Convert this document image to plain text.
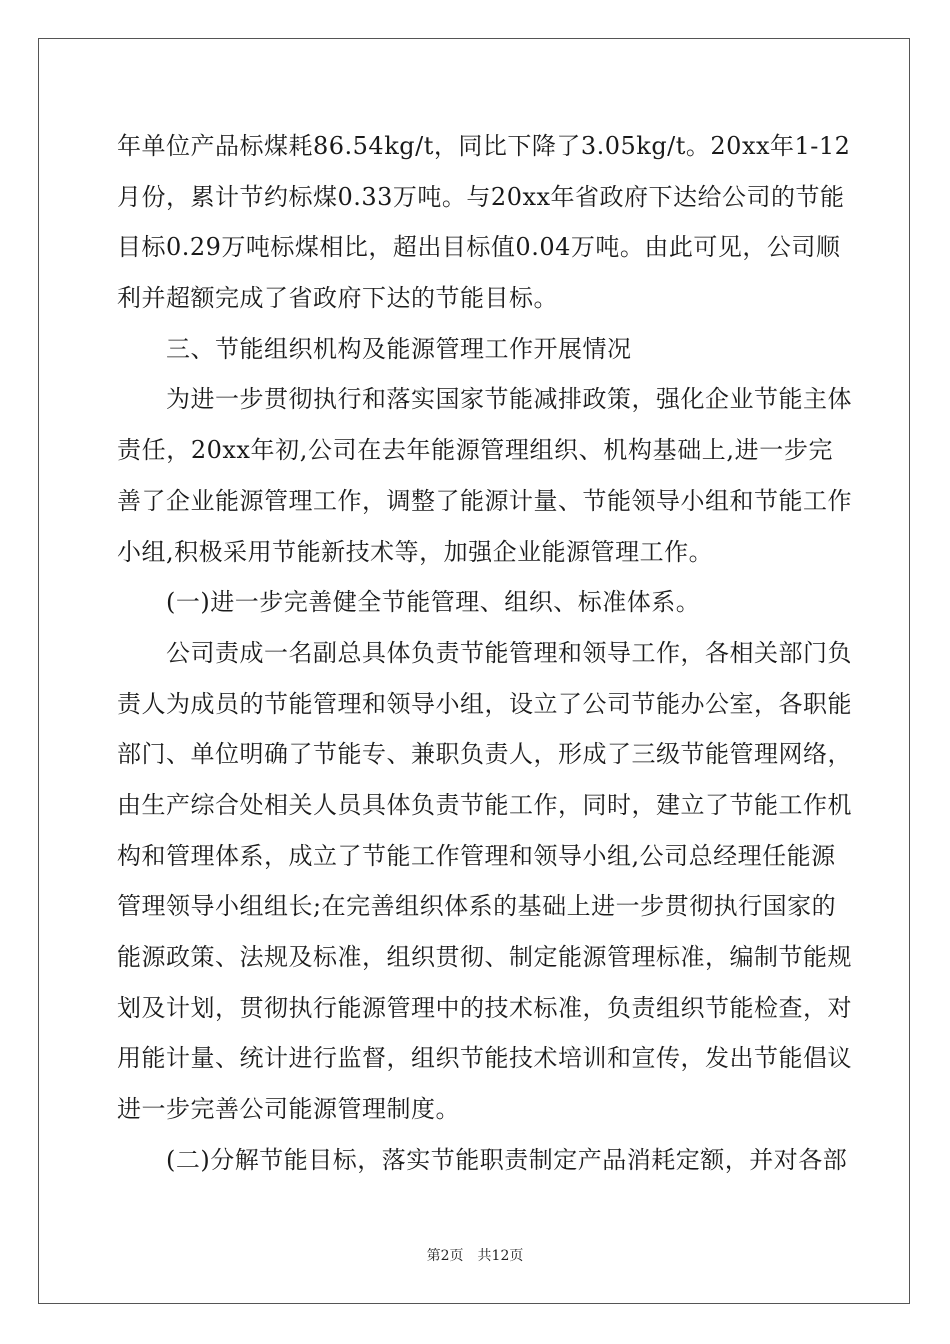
年单位产品标煤耗86.54kg/t，同比下降了3.05kg/t。20xx年1-12
月份，累计节约标煤0.33万吨。与20xx年省政府下达给公司的节能
目标0.29万吨标煤相比，超出目标值0.04万吨。由此可见，公司顺
利并超额完成了省政府下达的节能目标。
　　三、节能组织机构及能源管理工作开展情况
　　为进一步贯彻执行和落实国家节能减排政策，强化企业节能主体
责任，20xx年初,公司在去年能源管理组织、机构基础上,进一步完
善了企业能源管理工作，调整了能源计量、节能领导小组和节能工作
小组,积极采用节能新技术等，加强企业能源管理工作。
　　(一)进一步完善健全节能管理、组织、标准体系。
　　公司责成一名副总具体负责节能管理和领导工作，各相关部门负
责人为成员的节能管理和领导小组，设立了公司节能办公室，各职能
部门、单位明确了节能专、兼职负责人，形成了三级节能管理网络，
由生产综合处相关人员具体负责节能工作，同时，建立了节能工作机
构和管理体系，成立了节能工作管理和领导小组,公司总经理任能源
管理领导小组组长;在完善组织体系的基础上进一步贯彻执行国家的
能源政策、法规及标准，组织贯彻、制定能源管理标准，编制节能规
划及计划，贯彻执行能源管理中的技术标准，负责组织节能检查，对
用能计量、统计进行监督，组织节能技术培训和宣传，发出节能倡议
进一步完善公司能源管理制度。
　　(二)分解节能目标，落实节能职责制定产品消耗定额，并对各部
第2页 共12页
